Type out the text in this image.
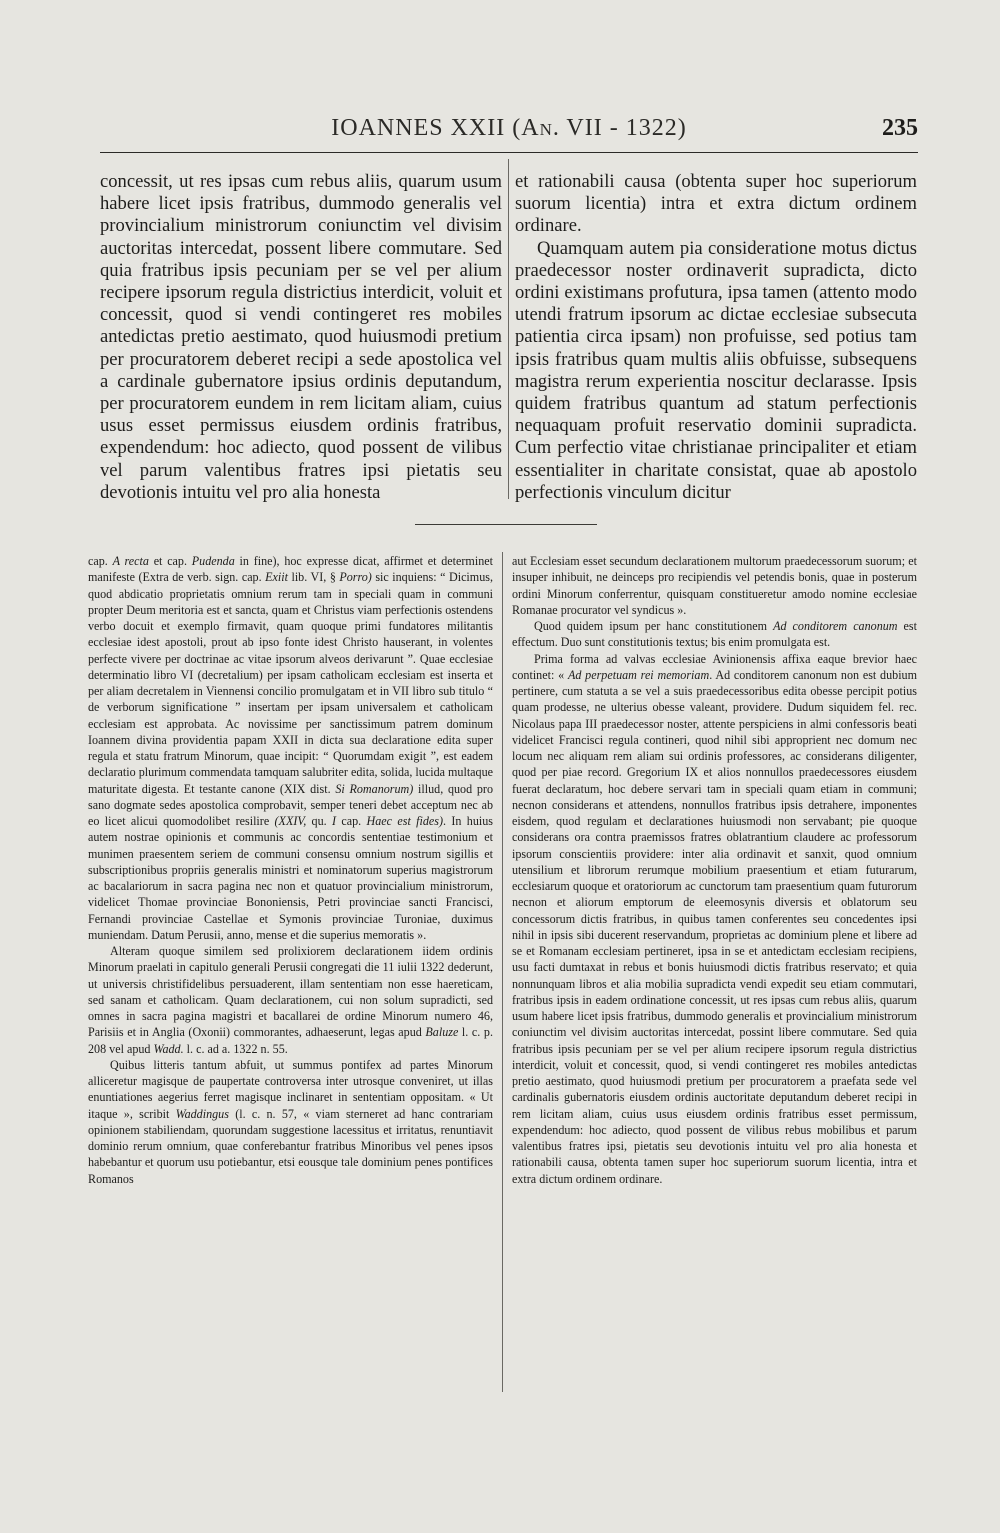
IOANNES XXII (An. VII - 1322)	235

concessit, ut res ipsas cum rebus aliis, quarum usum habere licet ipsis fratribus, dummodo generalis vel provincialium ministrorum coniunctim vel divisim auctoritas intercedat, possent libere commutare. Sed quia fratribus ipsis pecuniam per se vel per alium recipere ipsorum regula districtius interdicit, voluit et concessit, quod si vendi contingeret res mobiles antedictas pretio aestimato, quod huiusmodi pretium per procuratorem deberet recipi a sede apostolica vel a cardinale gubernatore ipsius ordinis deputandum, per procuratorem eundem in rem licitam aliam, cuius usus esset permissus eiusdem ordinis fratribus, expendendum: hoc adiecto, quod possent de vilibus vel parum valentibus fratres ipsi pietatis seu devotionis intuitu vel pro alia honesta

et rationabili causa (obtenta super hoc superiorum suorum licentia) intra et extra dictum ordinem ordinare.

Quamquam autem pia consideratione motus dictus praedecessor noster ordinaverit supradicta, dicto ordini existimans profutura, ipsa tamen (attento modo utendi fratrum ipsorum ac dictae ecclesiae subsecuta patientia circa ipsam) non profuisse, sed potius tam ipsis fratribus quam multis aliis obfuisse, subsequens magistra rerum experientia noscitur declarasse. Ipsis quidem fratribus quantum ad statum perfectionis nequaquam profuit reservatio dominii supradicta. Cum perfectio vitae christianae principaliter et etiam essentialiter in charitate consistat, quae ab apostolo perfectionis vinculum dicitur

cap. A recta et cap. Pudenda in fine), hoc expresse dicat, affirmet et determinet manifeste (Extra de verb. sign. cap. Exiit lib. VI, § Porro) sic inquiens: “ Dicimus, quod abdicatio proprietatis omnium rerum tam in speciali quam in communi propter Deum meritoria est et sancta, quam et Christus viam perfectionis ostendens verbo docuit et exemplo firmavit, quam quoque primi fundatores militantis ecclesiae idest apostoli, prout ab ipso fonte idest Christo hauserant, in volentes perfecte vivere per doctrinae ac vitae ipsorum alveos derivarunt ”. Quae ecclesiae determinatio libro VI (decretalium) per ipsam catholicam ecclesiam est inserta et per aliam decretalem in Viennensi concilio promulgatam et in VII libro sub titulo “ de verborum significatione ” insertam per ipsam universalem et catholicam ecclesiam est approbata. Ac novissime per sanctissimum patrem dominum Ioannem divina providentia papam XXII in dicta sua declaratione edita super regula et statu fratrum Minorum, quae incipit: “ Quorumdam exigit ”, est eadem declaratio plurimum commendata tamquam salubriter edita, solida, lucida multaque maturitate digesta. Et testante canone (XIX dist. Si Romanorum) illud, quod pro sano dogmate sedes apostolica comprobavit, semper teneri debet acceptum nec ab eo licet alicui quomodolibet resilire (XXIV, qu. I cap. Haec est fides). In huius autem nostrae opinionis et communis ac concordis sententiae testimonium et munimen praesentem seriem de communi consensu omnium nostrum sigillis et subscriptionibus propriis generalis ministri et nominatorum superius magistrorum ac bacalariorum in sacra pagina nec non et quatuor provincialium ministrorum, videlicet Thomae provinciae Bononiensis, Petri provinciae sancti Francisci, Fernandi provinciae Castellae et Symonis provinciae Turoniae, duximus muniendam. Datum Perusii, anno, mense et die superius memoratis ».

Alteram quoque similem sed prolixiorem declarationem iidem ordinis Minorum praelati in capitulo generali Perusii congregati die 11 iulii 1322 dederunt, ut universis christifidelibus persuaderent, illam sententiam non esse haereticam, sed sanam et catholicam. Quam declarationem, cui non solum supradicti, sed omnes in sacra pagina magistri et bacallarei de ordine Minorum numero 46, Parisiis et in Anglia (Oxonii) commorantes, adhaeserunt, legas apud Baluze l. c. p. 208 vel apud Wadd. l. c. ad a. 1322 n. 55.

Quibus litteris tantum abfuit, ut summus pontifex ad partes Minorum alliceretur magisque de paupertate controversa inter utrosque conveniret, ut illas enuntiationes aegerius ferret magisque inclinaret in sententiam oppositam. « Ut itaque », scribit Waddingus (l. c. n. 57, « viam sterneret ad hanc contrariam opinionem stabiliendam, quorundam suggestione lacessitus et irritatus, renuntiavit dominio rerum omnium, quae conferebantur fratribus Minoribus vel penes ipsos habebantur et quorum usu potiebantur, etsi eousque tale dominium penes pontifices Romanos

aut Ecclesiam esset secundum declarationem multorum praedecessorum suorum; et insuper inhibuit, ne deinceps pro recipiendis vel petendis bonis, quae in posterum ordini Minorum conferrentur, quisquam constitueretur amodo nomine ecclesiae Romanae procurator vel syndicus ».

Quod quidem ipsum per hanc constitutionem Ad conditorem canonum est effectum. Duo sunt constitutionis textus; bis enim promulgata est.

Prima forma ad valvas ecclesiae Avinionensis affixa eaque brevior haec continet: « Ad perpetuam rei memoriam. Ad conditorem canonum non est dubium pertinere, cum statuta a se vel a suis praedecessoribus edita obesse percipit potius quam prodesse, ne ulterius obesse valeant, providere. Dudum siquidem fel. rec. Nicolaus papa III praedecessor noster, attente perspiciens in almi confessoris beati videlicet Francisci regula contineri, quod nihil sibi approprient nec domum nec locum nec aliquam rem aliam sui ordinis professores, ac considerans diligenter, quod per piae record. Gregorium IX et alios nonnullos praedecessores eiusdem fuerat declaratum, hoc debere servari tam in speciali quam etiam in communi; necnon considerans et attendens, nonnullos fratribus ipsis detrahere, imponentes eisdem, quod regulam et declarationes huiusmodi non servabant; pie quoque considerans ora contra praemissos fratres oblatrantium claudere ac professorum ipsorum conscientiis providere: inter alia ordinavit et sanxit, quod omnium utensilium et librorum rerumque mobilium praesentium et etiam futurarum, ecclesiarum quoque et oratoriorum ac cunctorum tam praesentium quam futurorum necnon et aliorum emptorum de eleemosynis diversis et oblatorum seu concessorum dictis fratribus, in quibus tamen conferentes seu concedentes ipsi nihil in ipsis sibi ducerent reservandum, proprietas ac dominium plene et libere ad se et Romanam ecclesiam pertineret, ipsa in se et antedictam ecclesiam recipiens, usu facti dumtaxat in rebus et bonis huiusmodi dictis fratribus reservato; et quia nonnunquam libros et alia mobilia supradicta vendi expedit seu etiam commutari, fratribus ipsis in eadem ordinatione concessit, ut res ipsas cum rebus aliis, quarum usum habere licet ipsis fratribus, dummodo generalis et provincialium ministrorum coniunctim vel divisim auctoritas intercedat, possint libere commutare. Sed quia fratribus ipsis pecuniam per se vel per alium recipere ipsorum regula districtius interdicit, voluit et concessit, quod, si vendi contingeret res mobiles antedictas pretio aestimato, quod huiusmodi pretium per procuratorem a praefata sede vel cardinalis gubernatoris eiusdem ordinis auctoritate deputandum deberet recipi in rem licitam aliam, cuius usus eiusdem ordinis fratribus esset permissum, expendendum: hoc adiecto, quod possent de vilibus rebus mobilibus et parum valentibus fratres ipsi, pietatis seu devotionis intuitu vel pro alia honesta et rationabili causa, obtenta tamen super hoc superiorum suorum licentia, intra et extra dictum ordinem ordinare.
